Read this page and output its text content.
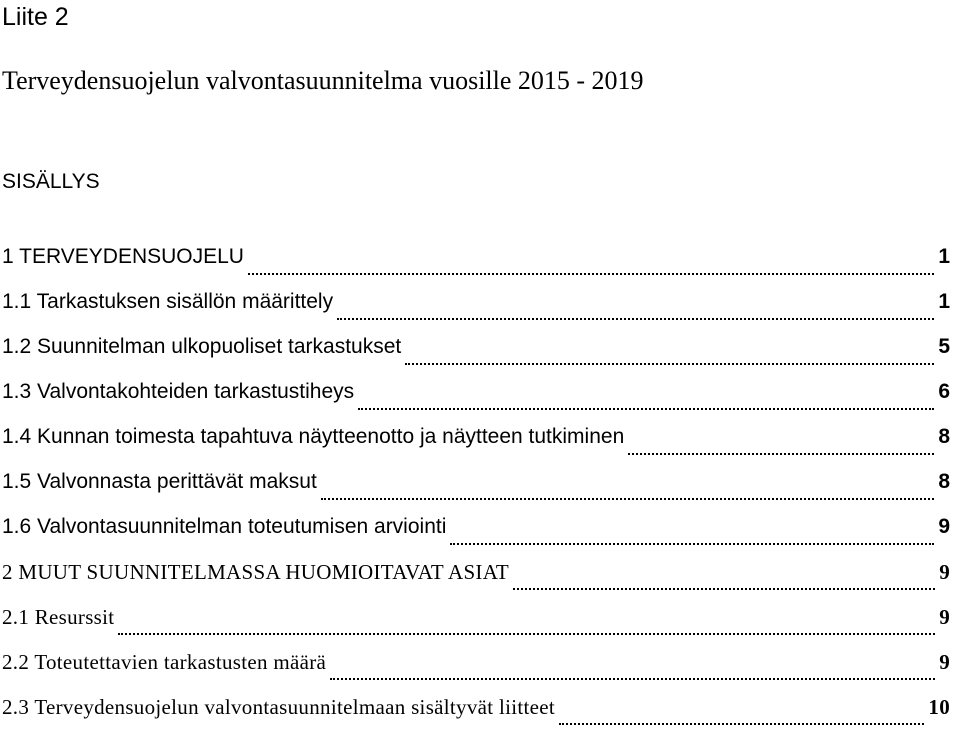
Liite 2
Terveydensuojelun valvontasuunnitelma vuosille 2015 - 2019
SISÄLLYS
1 TERVEYDENSUOJELU	1
1.1 Tarkastuksen sisällön määrittely	1
1.2 Suunnitelman ulkopuoliset tarkastukset	5
1.3 Valvontakohteiden tarkastustiheys	6
1.4 Kunnan toimesta tapahtuva näytteenotto ja näytteen tutkiminen	8
1.5 Valvonnasta perittävät maksut	8
1.6 Valvontasuunnitelman toteutumisen arviointi	9
2 MUUT SUUNNITELMASSA HUOMIOITAVAT ASIAT	9
2.1 Resurssit	9
2.2 Toteutettavien tarkastusten määrä	9
2.3 Terveydensuojelun valvontasuunnitelmaan sisältyvät liitteet	10
